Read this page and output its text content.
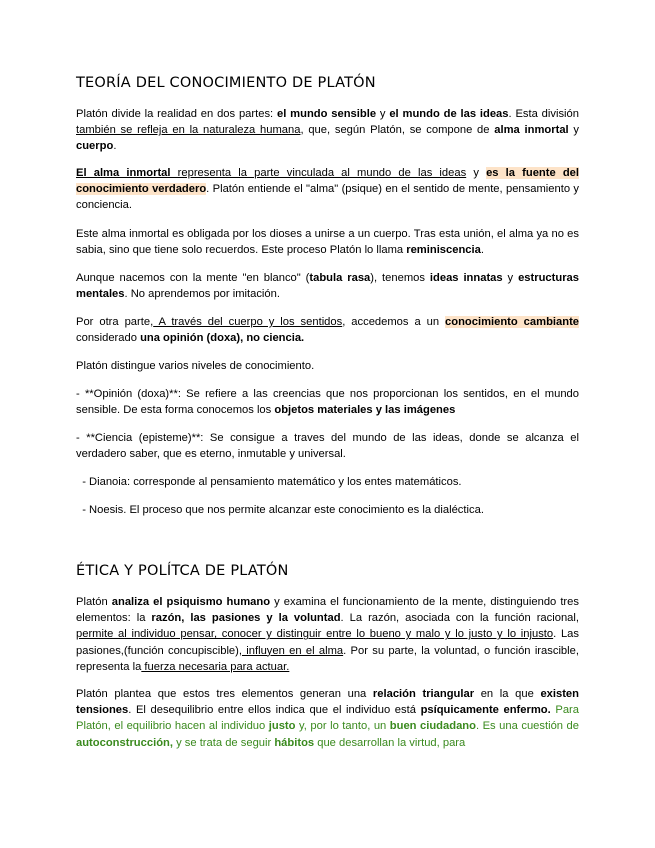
TEORÍA DEL CONOCIMIENTO DE PLATÓN

Platón divide la realidad en dos partes: el mundo sensible y el mundo de las ideas. Esta división también se refleja en la naturaleza humana, que, según Platón, se compone de alma inmortal y cuerpo.

El alma inmortal representa la parte vinculada al mundo de las ideas y es la fuente del conocimiento verdadero. Platón entiende el "alma" (psique) en el sentido de mente, pensamiento y conciencia.

Este alma inmortal es obligada por los dioses a unirse a un cuerpo. Tras esta unión, el alma ya no es sabia, sino que tiene solo recuerdos. Este proceso Platón lo llama reminiscencia.

Aunque nacemos con la mente "en blanco" (tabula rasa), tenemos ideas innatas y estructuras mentales. No aprendemos por imitación.

Por otra parte, A través del cuerpo y los sentidos, accedemos a un conocimiento cambiante considerado una opinión (doxa), no ciencia.

Platón distingue varios niveles de conocimiento.

- **Opinión (doxa)**: Se refiere a las creencias que nos proporcionan los sentidos, en el mundo sensible. De esta forma conocemos los objetos materiales y las imágenes

- **Ciencia (episteme)**: Se consigue a traves del mundo de las ideas, donde se alcanza el verdadero saber, que es eterno, inmutable y universal.

- Dianoia: corresponde al pensamiento matemático y los entes matemáticos.

- Noesis. El proceso que nos permite alcanzar este conocimiento es la dialéctica.

ÉTICA Y POLÍTCA DE PLATÓN

Platón analiza el psiquismo humano y examina el funcionamiento de la mente, distinguiendo tres elementos: la razón, las pasiones y la voluntad. La razón, asociada con la función racional, permite al individuo pensar, conocer y distinguir entre lo bueno y malo y lo justo y lo injusto. Las pasiones,(función concupiscible), influyen en el alma. Por su parte, la voluntad, o función irascible, representa la fuerza necesaria para actuar.

Platón plantea que estos tres elementos generan una relación triangular en la que existen tensiones. El desequilibrio entre ellos indica que el individuo está psíquicamente enfermo. Para Platón, el equilibrio hacen al individuo justo y, por lo tanto, un buen ciudadano. Es una cuestión de autoconstrucción, y se trata de seguir hábitos que desarrollan la virtud, para
